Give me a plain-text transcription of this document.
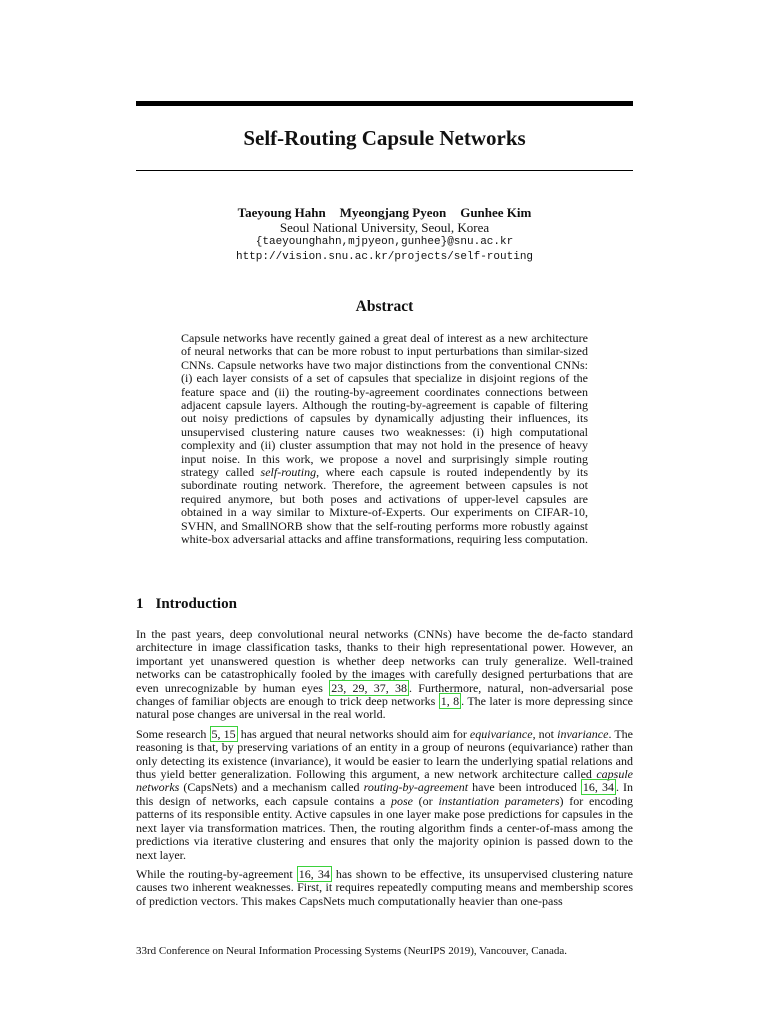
Self-Routing Capsule Networks
Taeyoung Hahn Myeongjang Pyeon Gunhee Kim
Seoul National University, Seoul, Korea
{taeyounghahn,mjpyeon,gunhee}@snu.ac.kr
http://vision.snu.ac.kr/projects/self-routing
Abstract
Capsule networks have recently gained a great deal of interest as a new architecture of neural networks that can be more robust to input perturbations than similar-sized CNNs. Capsule networks have two major distinctions from the conventional CNNs: (i) each layer consists of a set of capsules that specialize in disjoint regions of the feature space and (ii) the routing-by-agreement coordinates connections between adjacent capsule layers. Although the routing-by-agreement is capable of filtering out noisy predictions of capsules by dynamically adjusting their influences, its unsupervised clustering nature causes two weaknesses: (i) high computational complexity and (ii) cluster assumption that may not hold in the presence of heavy input noise. In this work, we propose a novel and surprisingly simple routing strategy called self-routing, where each capsule is routed independently by its subordinate routing network. Therefore, the agreement between capsules is not required anymore, but both poses and activations of upper-level capsules are obtained in a way similar to Mixture-of-Experts. Our experiments on CIFAR-10, SVHN, and SmallNORB show that the self-routing performs more robustly against white-box adversarial attacks and affine transformations, requiring less computation.
1 Introduction

In the past years, deep convolutional neural networks (CNNs) have become the de-facto standard architecture in image classification tasks, thanks to their high representational power. However, an important yet unanswered question is whether deep networks can truly generalize. Well-trained networks can be catastrophically fooled by the images with carefully designed perturbations that are even unrecognizable by human eyes 23, 29, 37, 38 . Furthermore, natural, non-adversarial pose changes of familiar objects are enough to trick deep networks 1, 8 . The later is more depressing since natural pose changes are universal in the real world.

Some research 5, 15 has argued that neural networks should aim for equivariance, not invariance. The reasoning is that, by preserving variations of an entity in a group of neurons (equivariance) rather than only detecting its existence (invariance), it would be easier to learn the underlying spatial relations and thus yield better generalization. Following this argument, a new network architecture called capsule networks (CapsNets) and a mechanism called routing-by-agreement have been introduced 16, 34 . In this design of networks, each capsule contains a pose (or instantiation parameters) for encoding patterns of its responsible entity. Active capsules in one layer make pose predictions for capsules in the next layer via transformation matrices. Then, the routing algorithm finds a center-of-mass among the predictions via iterative clustering and ensures that only the majority opinion is passed down to the next layer.

While the routing-by-agreement 16, 34 has shown to be effective, its unsupervised clustering nature causes two inherent weaknesses. First, it requires repeatedly computing means and membership scores of prediction vectors. This makes CapsNets much computationally heavier than one-pass

33rd Conference on Neural Information Processing Systems (NeurIPS 2019), Vancouver, Canada.
